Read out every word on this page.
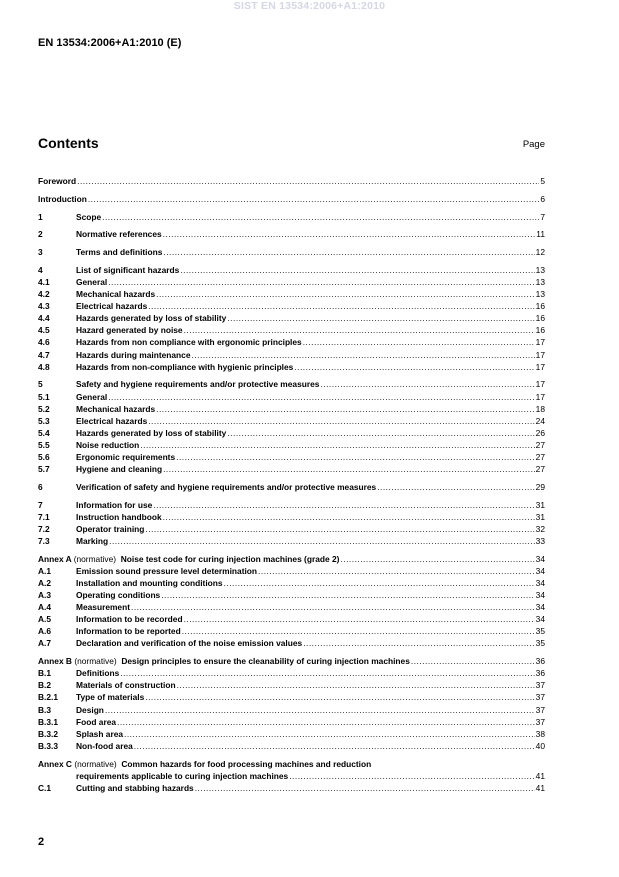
SIST EN 13534:2006+A1:2010
EN 13534:2006+A1:2010 (E)
Contents	Page
Foreword .....	5
Introduction .....	6
1	Scope .....	7
2	Normative references .....	11
3	Terms and definitions .....	12
4	List of significant hazards .....	13
4.1	General .....	13
4.2	Mechanical hazards .....	13
4.3	Electrical hazards .....	16
4.4	Hazards generated by loss of stability .....	16
4.5	Hazard generated by noise .....	16
4.6	Hazards from non compliance with ergonomic principles .....	17
4.7	Hazards during maintenance .....	17
4.8	Hazards from non-compliance with hygienic principles .....	17
5	Safety and hygiene requirements and/or protective measures .....	17
5.1	General .....	17
5.2	Mechanical hazards .....	18
5.3	Electrical hazards .....	24
5.4	Hazards generated by loss of stability .....	26
5.5	Noise reduction .....	27
5.6	Ergonomic requirements .....	27
5.7	Hygiene and cleaning .....	27
6	Verification of safety and hygiene requirements and/or protective measures .....	29
7	Information for use .....	31
7.1	Instruction handbook .....	31
7.2	Operator training .....	32
7.3	Marking .....	33
Annex A (normative) Noise test code for curing injection machines (grade 2) .....	34
A.1	Emission sound pressure level determination .....	34
A.2	Installation and mounting conditions .....	34
A.3	Operating conditions .....	34
A.4	Measurement .....	34
A.5	Information to be recorded .....	34
A.6	Information to be reported .....	35
A.7	Declaration and verification of the noise emission values .....	35
Annex B (normative) Design principles to ensure the cleanability of curing injection machines .....	36
B.1	Definitions .....	36
B.2	Materials of construction .....	37
B.2.1	Type of materials .....	37
B.3	Design .....	37
B.3.1	Food area .....	37
B.3.2	Splash area .....	38
B.3.3	Non-food area .....	40
Annex C
(normative)
Common hazards for food processing machines and reduction
requirements applicable to curing injection machines .....	41
C.1	Cutting and stabbing hazards .....	41
2
